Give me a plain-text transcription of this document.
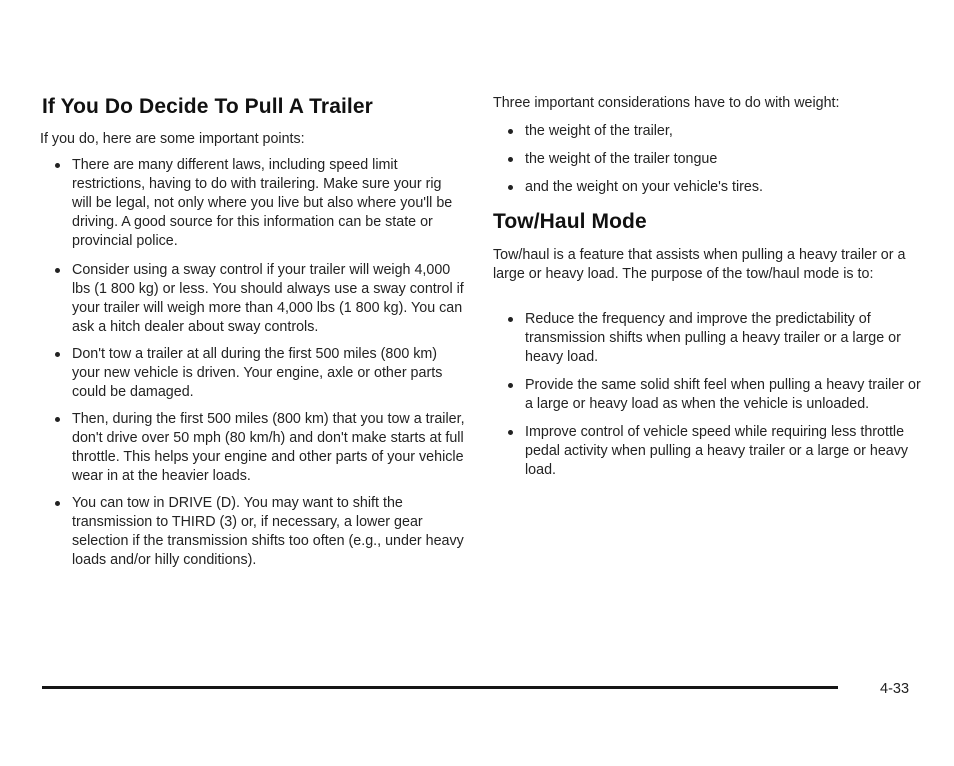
If You Do Decide To Pull A Trailer

If you do, here are some important points:

There are many different laws, including speed limit restrictions, having to do with trailering. Make sure your rig will be legal, not only where you live but also where you'll be driving. A good source for this information can be state or provincial police.
Consider using a sway control if your trailer will weigh 4,000 lbs (1 800 kg) or less. You should always use a sway control if your trailer will weigh more than 4,000 lbs (1 800 kg). You can ask a hitch dealer about sway controls.
Don't tow a trailer at all during the first 500 miles (800 km) your new vehicle is driven. Your engine, axle or other parts could be damaged.
Then, during the first 500 miles (800 km) that you tow a trailer, don't drive over 50 mph (80 km/h) and don't make starts at full throttle. This helps your engine and other parts of your vehicle wear in at the heavier loads.
You can tow in DRIVE (D). You may want to shift the transmission to THIRD (3) or, if necessary, a lower gear selection if the transmission shifts too often (e.g., under heavy loads and/or hilly conditions).

Three important considerations have to do with weight:

the weight of the trailer,
the weight of the trailer tongue
and the weight on your vehicle's tires.
Tow/Haul Mode

Tow/haul is a feature that assists when pulling a heavy trailer or a large or heavy load. The purpose of the tow/haul mode is to:

Reduce the frequency and improve the predictability of transmission shifts when pulling a heavy trailer or a large or heavy load.
Provide the same solid shift feel when pulling a heavy trailer or a large or heavy load as when the vehicle is unloaded.
Improve control of vehicle speed while requiring less throttle pedal activity when pulling a heavy trailer or a large or heavy load.
4-33
